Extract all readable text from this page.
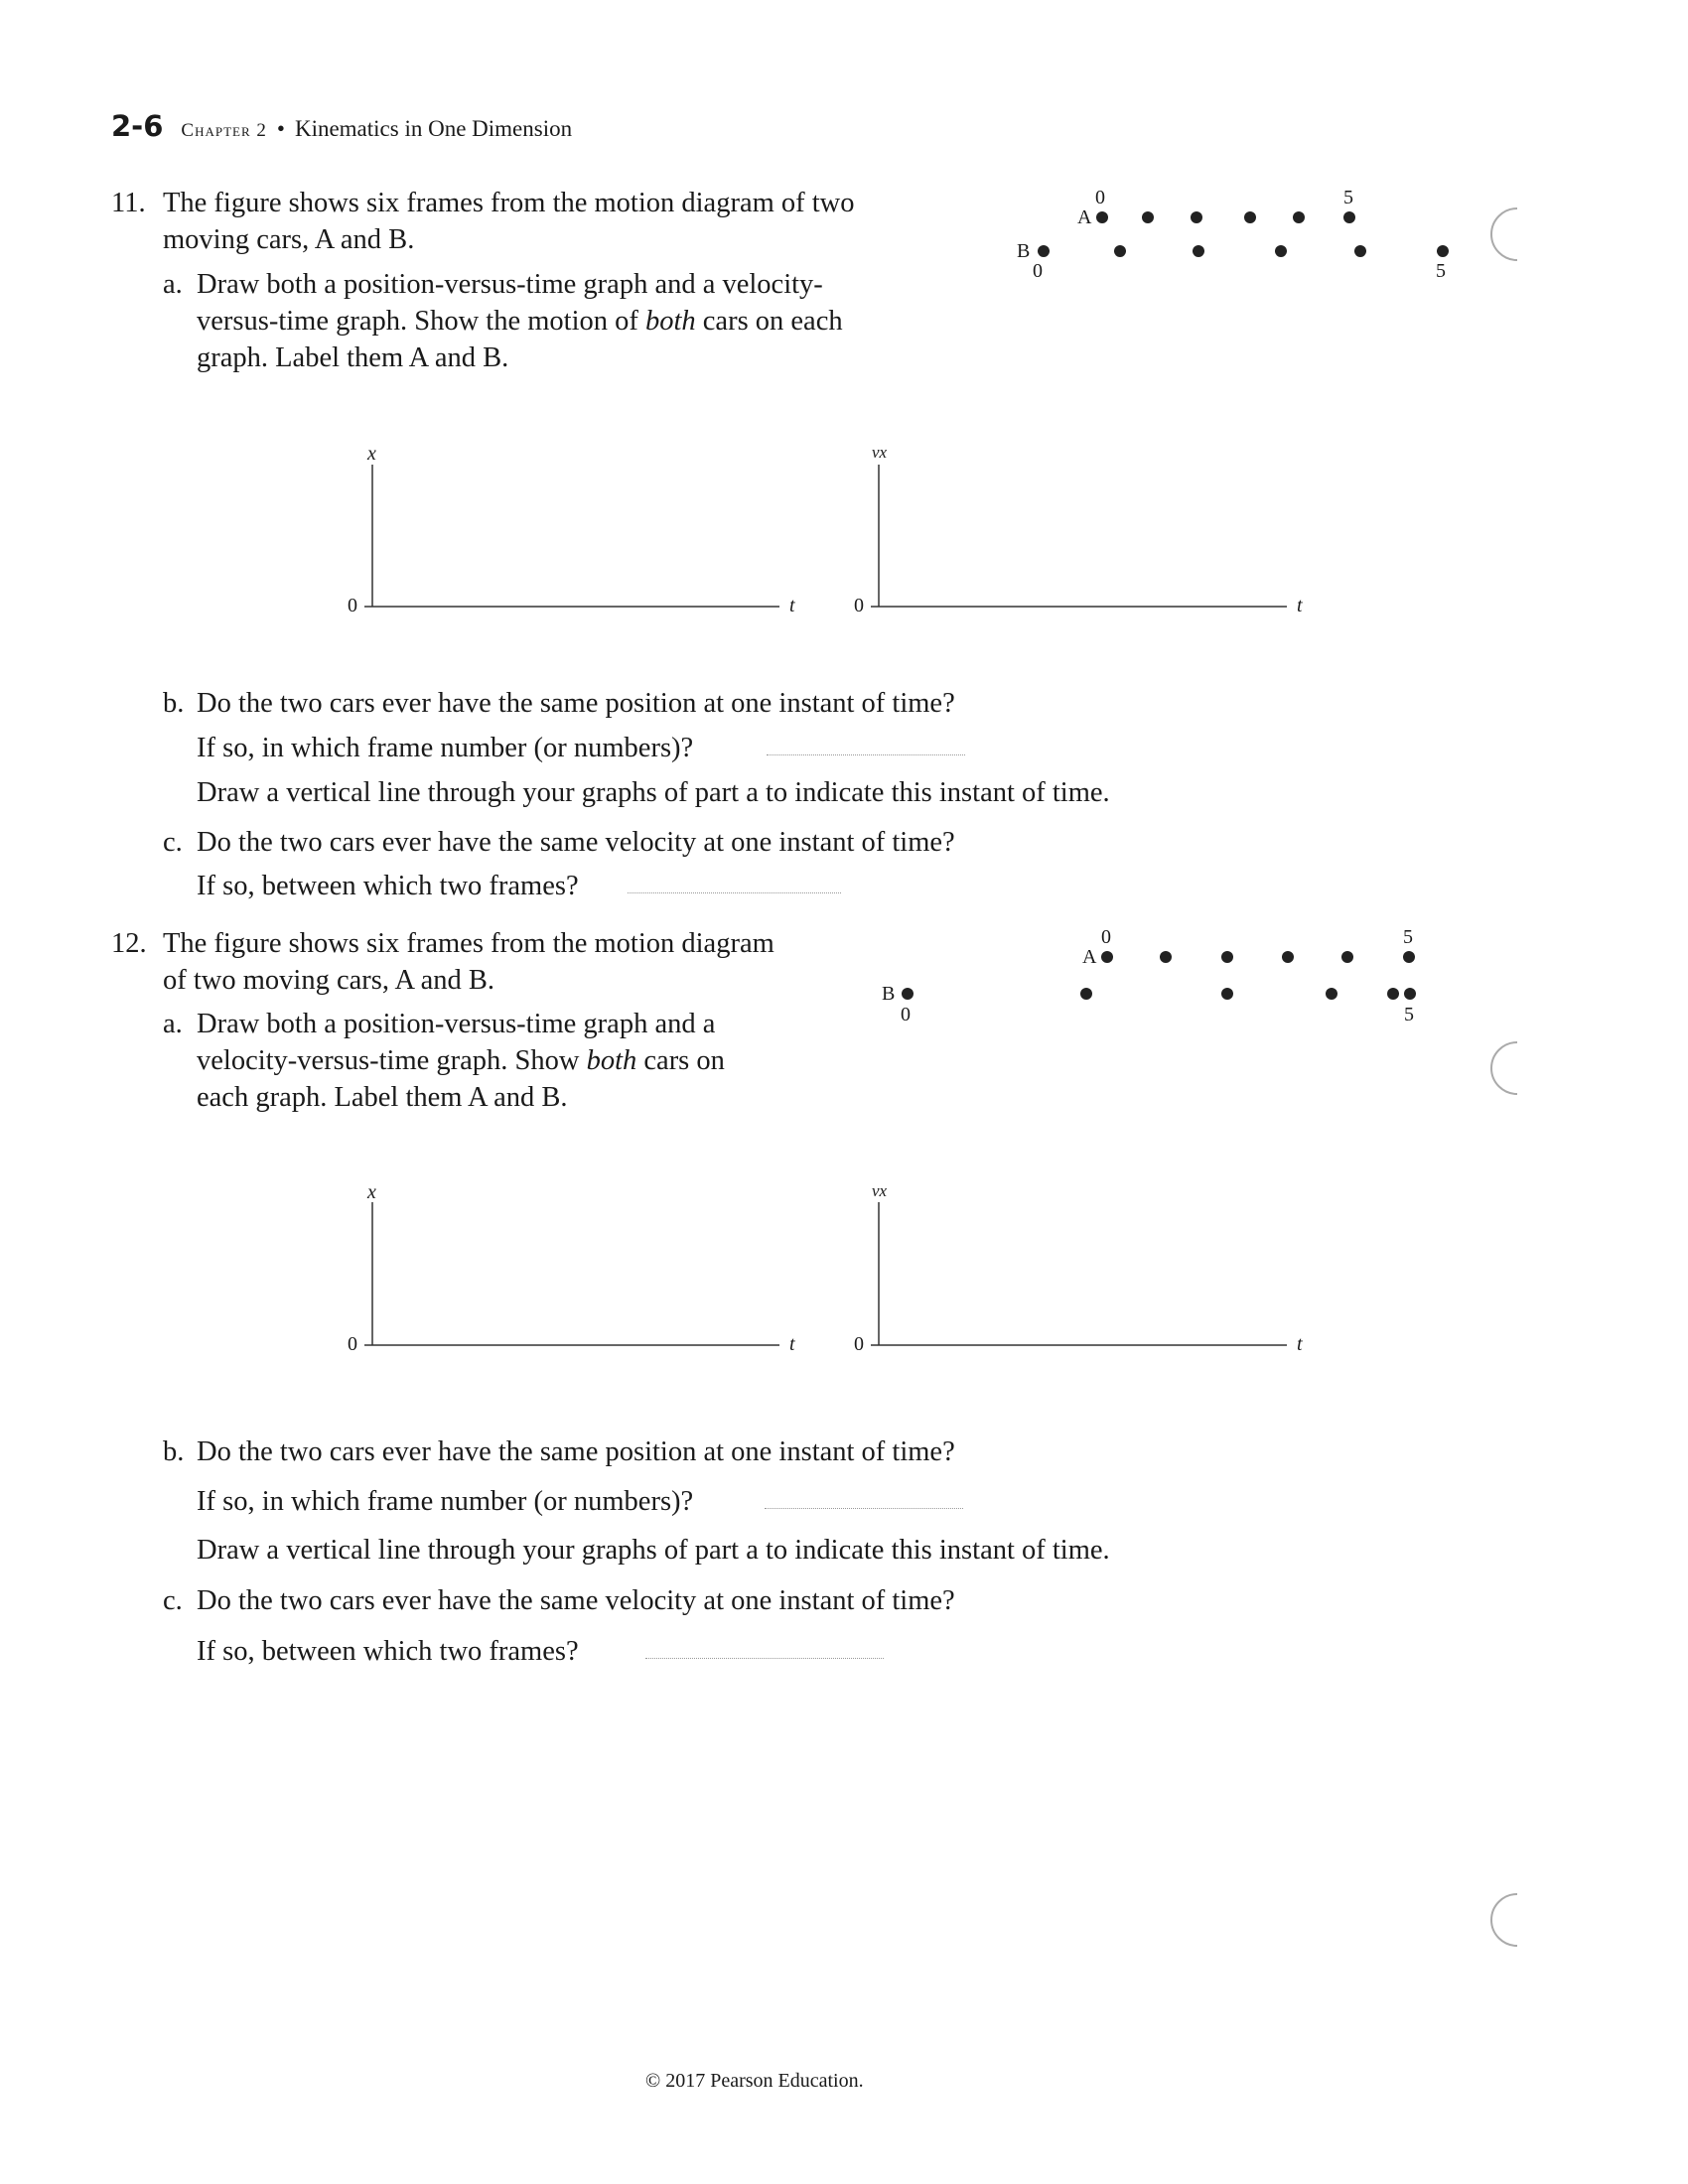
2-6 Chapter 2 • Kinematics in One Dimension
11. The figure shows six frames from the motion diagram of two
moving cars, A and B.
a. Draw both a position-versus-time graph and a velocity-
versus-time graph. Show the motion of both cars on each
graph. Label them A and B.
A
0	5
B
0	5
x
0	t
vx
0	t
b. Do the two cars ever have the same position at one instant of time?
If so, in which frame number (or numbers)?
Draw a vertical line through your graphs of part a to indicate this instant of time.
c. Do the two cars ever have the same velocity at one instant of time?
If so, between which two frames?
12. The figure shows six frames from the motion diagram
of two moving cars, A and B.
a. Draw both a position-versus-time graph and a
velocity-versus-time graph. Show both cars on
each graph. Label them A and B.
A
0	5
B
0	5
x
0	t
vx
0	t
b. Do the two cars ever have the same position at one instant of time?
If so, in which frame number (or numbers)?
Draw a vertical line through your graphs of part a to indicate this instant of time.
c. Do the two cars ever have the same velocity at one instant of time?
If so, between which two frames?
© 2017 Pearson Education.
